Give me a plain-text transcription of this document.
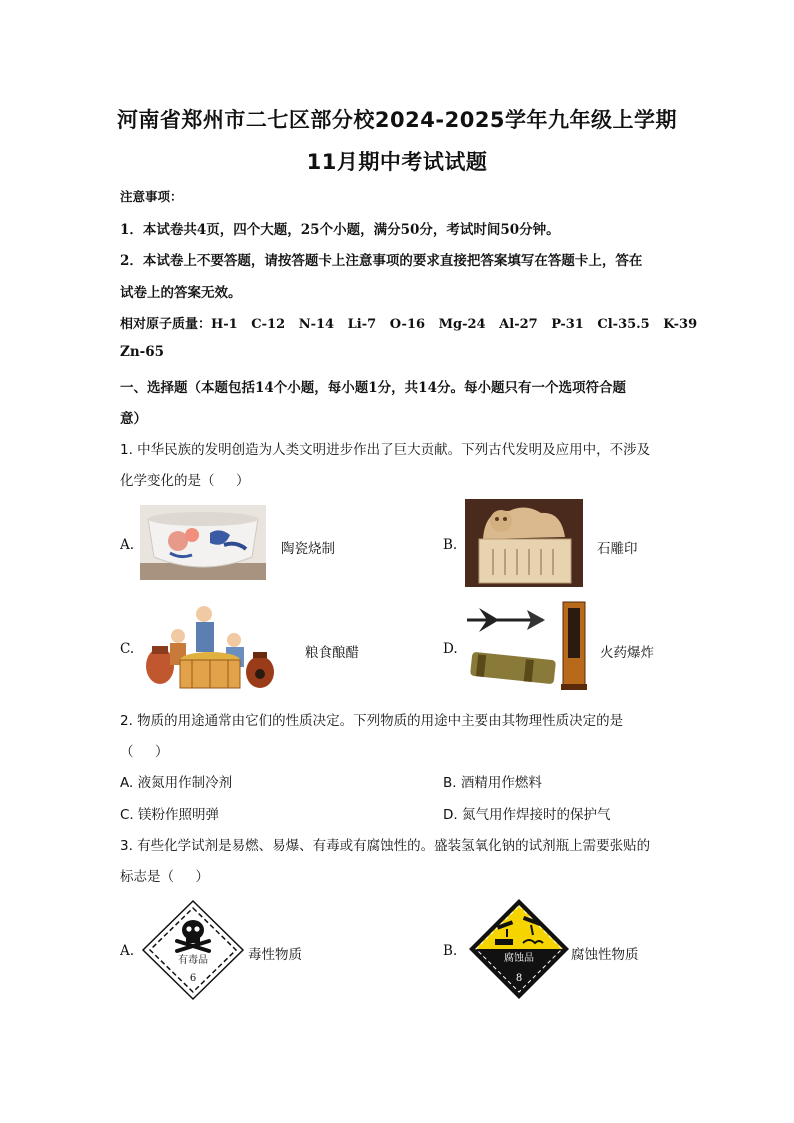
河南省郑州市二七区部分校2024-2025学年九年级上学期
11月期中考试试题
注意事项：
1．本试卷共4页，四个大题，25个小题，满分50分，考试时间50分钟。
2．本试卷上不要答题，请按答题卡上注意事项的要求直接把答案填写在答题卡上，答在
试卷上的答案无效。
相对原子质量：H-1   C-12   N-14   Li-7   O-16   Mg-24   Al-27   P-31   Cl-35.5   K-39
Zn-65
一、选择题（本题包括14个小题，每小题1分，共14分。每小题只有一个选项符合题
意）
1. 中华民族的发明创造为人类文明进步作出了巨大贡献。下列古代发明及应用中，不涉及
化学变化的是（     ）
A.	陶瓷烧制	B.	石雕印
C.	粮食酿醋	D.	火药爆炸
2. 物质的用途通常由它们的性质决定。下列物质的用途中主要由其物理性质决定的是
（     ）
A. 液氮用作制冷剂	B. 酒精用作燃料
C. 镁粉作照明弹	D. 氮气用作焊接时的保护气
3. 有些化学试剂是易燃、易爆、有毒或有腐蚀性的。盛装氢氧化钠的试剂瓶上需要张贴的
标志是（     ）
A.
有毒品
6
毒性物质	B.	腐蚀品
8
腐蚀性物质
